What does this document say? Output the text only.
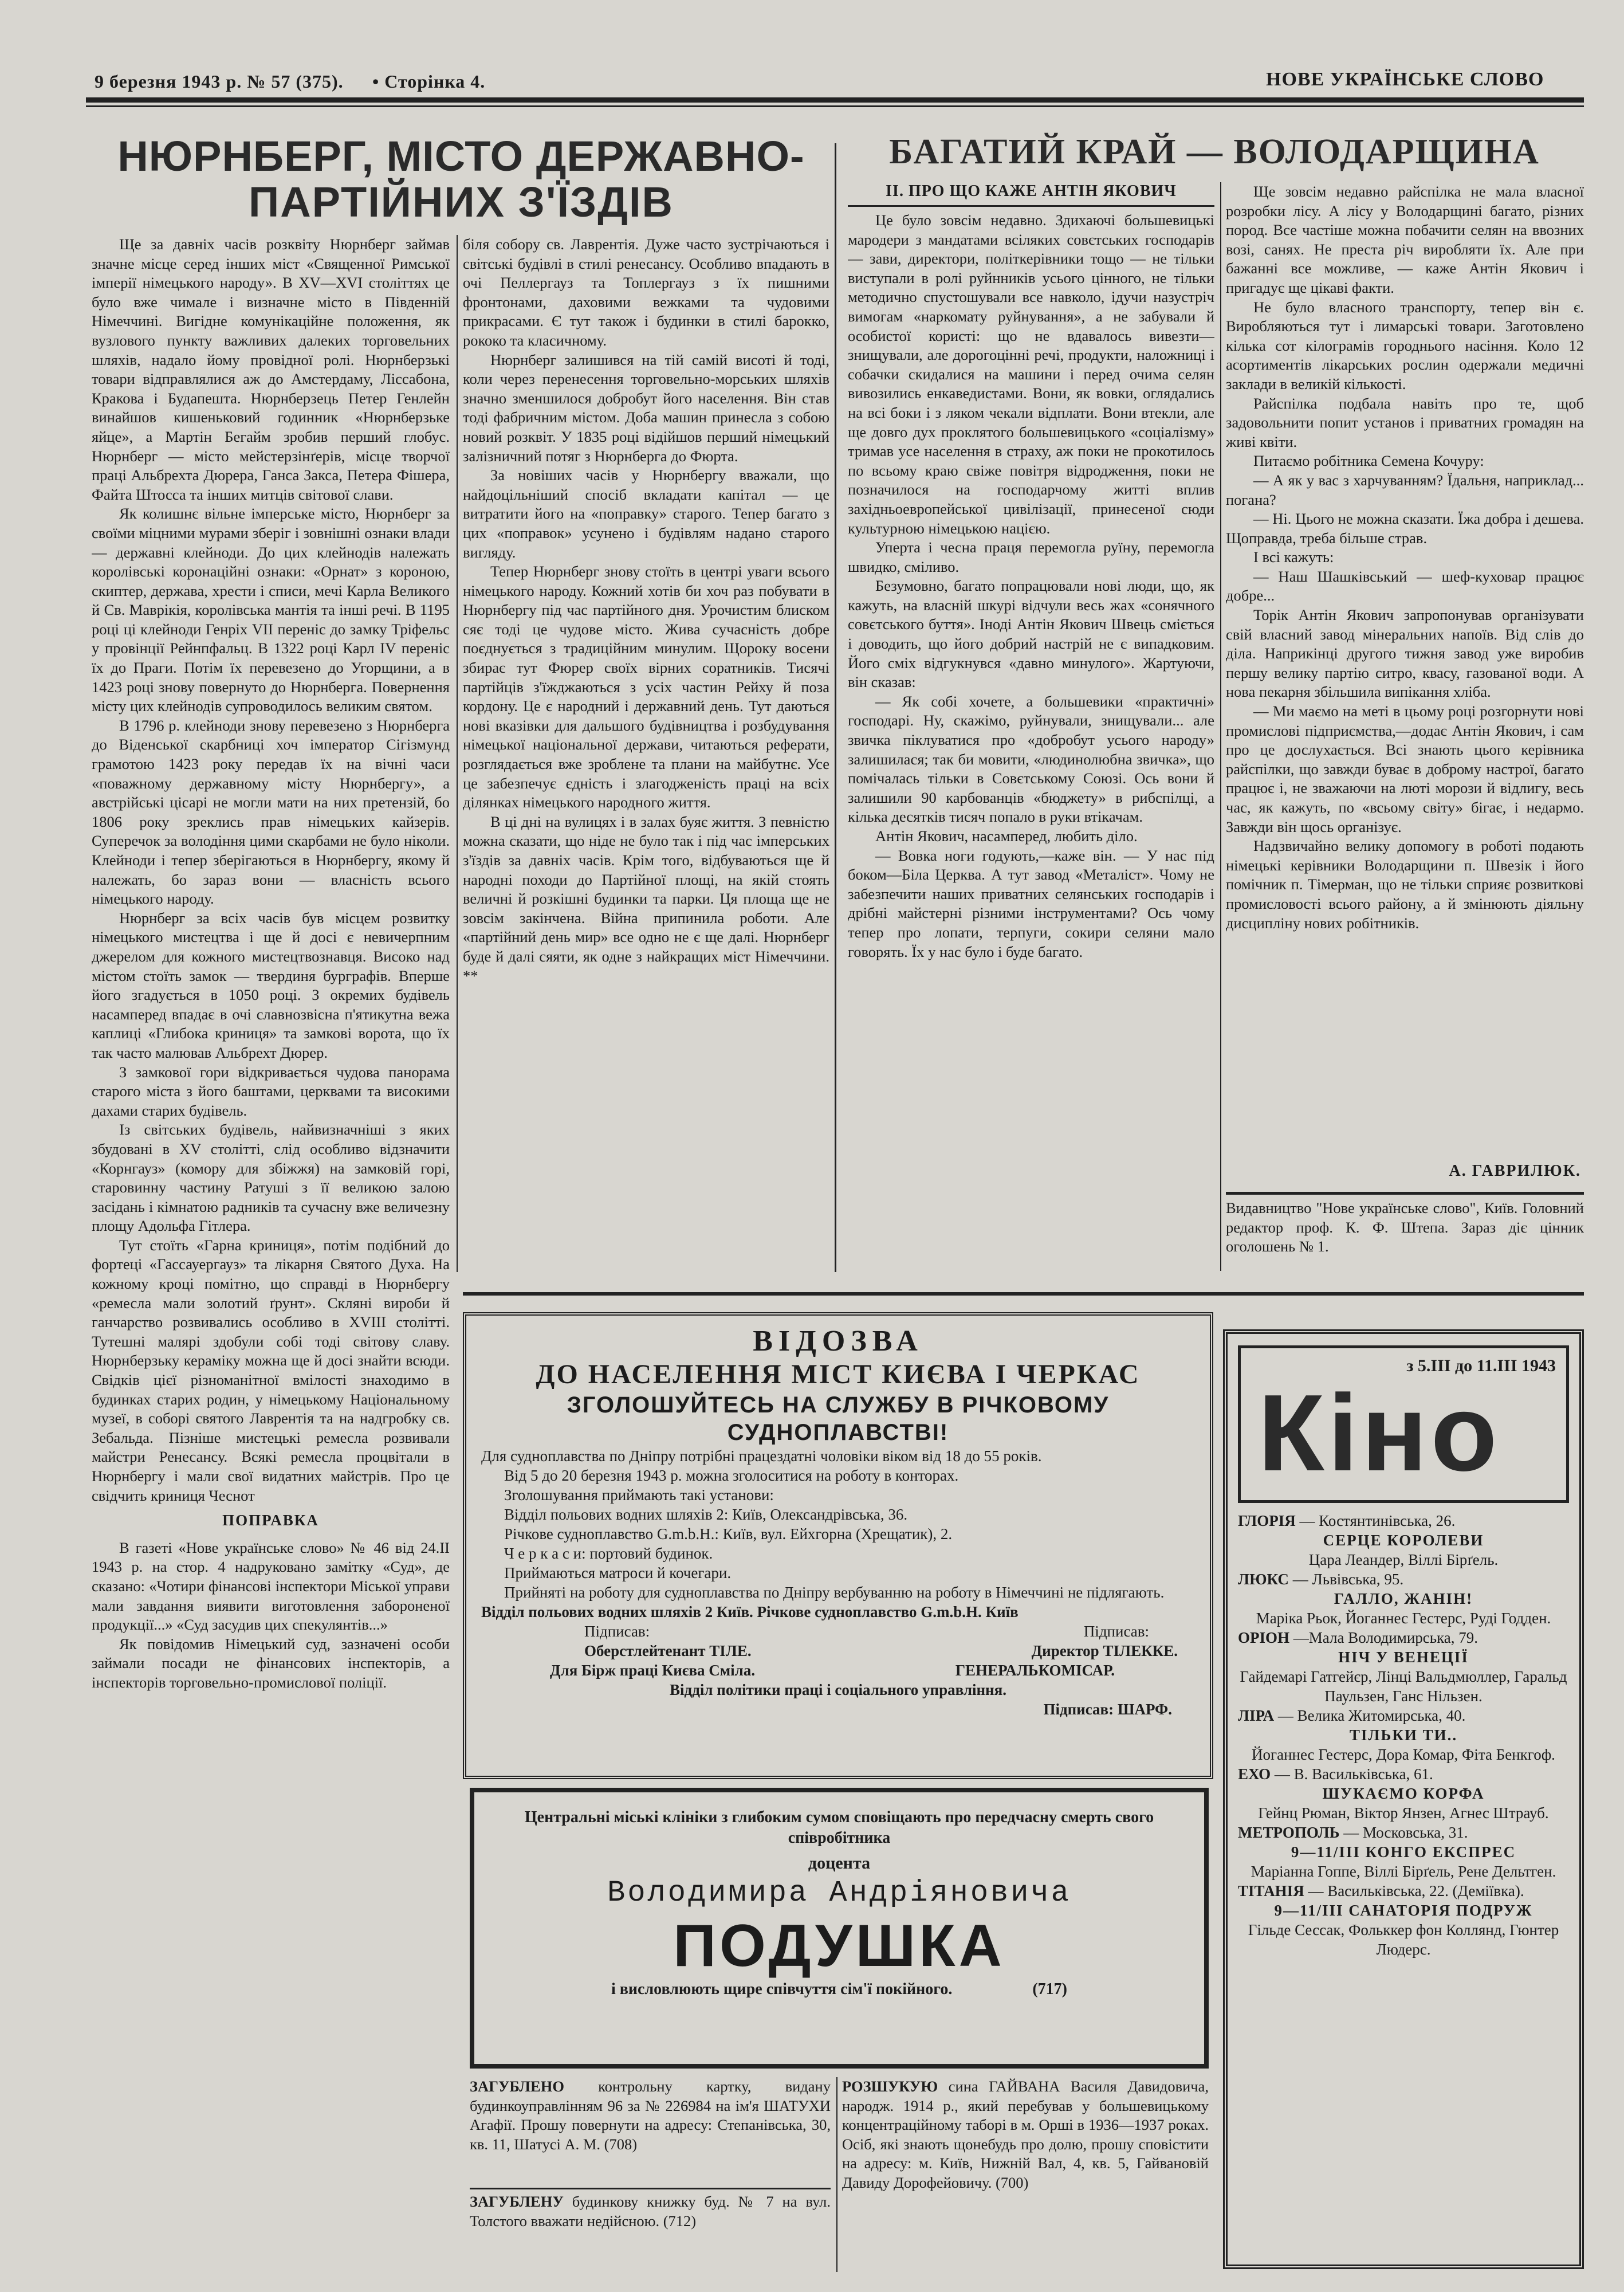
9 березня 1943 р. № 57 (375). • Сторінка 4.	НОВЕ УКРАЇНСЬКЕ СЛОВО
НЮРНБЕРГ, МІСТО ДЕРЖАВНО-
ПАРТІЙНИХ З'ЇЗДІВ

Ще за давніх часів розквіту Нюрнберг займав значне місце серед інших міст «Священної Римської імперії німецького народу». В XV—XVI століттях це було вже чимале і визначне місто в Південній Німеччині. Вигідне комунікаційне положення, як вузлового пункту важливих далеких торговельних шляхів, надало йому провідної ролі. Нюрнберзькі товари відправлялися аж до Амстердаму, Ліссабона, Кракова і Будапешта. Нюрнберзець Петер Генлейн винайшов кишеньковий годинник «Нюрнберзьке яйце», а Мартін Бегайм зробив перший глобус. Нюрнберг — місто мейстерзінґерів, місце творчої праці Альбрехта Дюрера, Ганса Закса, Петера Фішера, Файта Штосса та інших митців світової слави.

Як колишнє вільне імперське місто, Нюрнберг за своїми міцними мурами зберіг і зовнішні ознаки влади — державні клейноди. До цих клейнодів належать королівські коронаційні ознаки: «Орнат» з короною, скиптер, держава, хрести і списи, мечі Карла Великого й Св. Маврікія, королівська мантія та інші речі. В 1195 році ці клейноди Генріх VII переніс до замку Тріфельс у провінції Рейнпфальц. В 1322 році Карл IV переніс їх до Праги. Потім їх перевезено до Угорщини, а в 1423 році знову повернуто до Нюрнберга. Повернення місту цих клейнодів супроводилось великим святом.

В 1796 р. клейноди знову перевезено з Нюрнберга до Віденської скарбниці хоч імператор Сігізмунд грамотою 1423 року передав їх на вічні часи «поважному державному місту Нюрнбергу», а австрійські цісарі не могли мати на них претензій, бо 1806 року зреклись прав німецьких кайзерів. Суперечок за володіння цими скарбами не було ніколи. Клейноди і тепер зберігаються в Нюрнбергу, якому й належать, бо зараз вони — власність всього німецького народу.

Нюрнберг за всіх часів був місцем розвитку німецького мистецтва і ще й досі є невичерпним джерелом для кожного мистецтвознавця. Високо над містом стоїть замок — твердиня бурграфів. Вперше його згадується в 1050 році. З окремих будівель насамперед впадає в очі славнозвісна п'ятикутна вежа каплиці «Глибока криниця» та замкові ворота, що їх так часто малював Альбрехт Дюрер.

З замкової гори відкривається чудова панорама старого міста з його баштами, церквами та високими дахами старих будівель.

Із світських будівель, найвизначніші з яких збудовані в XV столітті, слід особливо відзначити «Корнгауз» (комору для збіжжя) на замковій горі, старовинну частину Ратуші з її великою залою засідань і кімнатою радників та сучасну вже величезну площу Адольфа Гітлера.

Тут стоїть «Гарна криниця», потім подібний до фортеці «Гассауергауз» та лікарня Святого Духа. На кожному кроці помітно, що справді в Нюрнбергу «ремесла мали золотий ґрунт». Скляні вироби й ганчарство розвивались особливо в XVIII столітті. Тутешні малярі здобули собі тоді світову славу. Нюрнберзьку кераміку можна ще й досі знайти всюди. Свідків цієї різноманітної вмілості знаходимо в будинках старих родин, у німецькому Національному музеї, в соборі святого Лаврентія та на надгробку св. Зебальда. Пізніше мистецькі ремесла розвивали майстри Ренесансу. Всякі ремесла процвітали в Нюрнбергу і мали свої видатних майстрів. Про це свідчить криниця Чеснот

ПОПРАВКА

В газеті «Нове українське слово» № 46 від 24.II 1943 р. на стор. 4 надруковано замітку «Суд», де сказано: «Чотири фінансові інспектори Міської управи мали завдання виявити виготовлення забороненої продукції...» «Суд засудив цих спекулянтів...»

Як повідомив Німецький суд, зазначені особи займали посади не фінансових інспекторів, а інспекторів торговельно-промислової поліції.

біля собору св. Лаврентія. Дуже часто зустрічаються і світські будівлі в стилі ренесансу. Особливо впадають в очі Пеллергауз та Топлергауз з їх пишними фронтонами, даховими вежками та чудовими прикрасами. Є тут також і будинки в стилі барокко, рококо та класичному.

Нюрнберг залишився на тій самій висоті й тоді, коли через перенесення торговельно-морських шляхів значно зменшилося добробут його населення. Він став тоді фабричним містом. Доба машин принесла з собою новий розквіт. У 1835 році відійшов перший німецький залізничний потяг з Нюрнберга до Фюрта.

За новіших часів у Нюрнбергу вважали, що найдоцільніший спосіб вкладати капітал — це витратити його на «поправку» старого. Тепер багато з цих «поправок» усунено і будівлям надано старого вигляду.

Тепер Нюрнберг знову стоїть в центрі уваги всього німецького народу. Кожний хотів би хоч раз побувати в Нюрнбергу під час партійного дня. Урочистим блиском сяє тоді це чудове місто. Жива сучасність добре поєднується з традиційним минулим. Щороку восени збирає тут Фюрер своїх вірних соратників. Тисячі партійців з'їжджаються з усіх частин Рейху й поза кордону. Це є народний і державний день. Тут даються нові вказівки для дальшого будівництва і розбудування німецької національної держави, читаються реферати, розглядається вже зроблене та плани на майбутнє. Усе це забезпечує єдність і злагодженість праці на всіх ділянках німецького народного життя.

В ці дні на вулицях і в залах буяє життя. З певністю можна сказати, що ніде не було так і під час імперських з'їздів за давніх часів. Крім того, відбуваються ще й народні походи до Партійної площі, на якій стоять величні й розкішні будинки та парки. Ця площа ще не зовсім закінчена. Війна припинила роботи. Але «партійний день мир» все одно не є ще далі. Нюрнберг буде й далі сяяти, як одне з найкращих міст Німеччини. **

БАГАТИЙ КРАЙ — ВОЛОДАРЩИНА
II. ПРО ЩО КАЖЕ АНТІН ЯКОВИЧ

Це було зовсім недавно. Здихаючі большевицькі мародери з мандатами всіляких совєтських господарів — зави, директори, політкерівники тощо — не тільки виступали в ролі руйнників усього цінного, не тільки методично спустошували все навколо, ідучи назустріч вимогам «наркомату руйнування», а не забували й особистої користі: що не вдавалось вивезти—знищували, але дорогоцінні речі, продукти, наложниці і собачки скидалися на машини і перед очима селян вивозились енкаведистами. Вони, як вовки, оглядались на всі боки і з ляком чекали відплати. Вони втекли, але ще довго дух проклятого большевицького «соціалізму» тримав усе населення в страху, аж поки не прокотилось по всьому краю свіже повітря відродження, поки не позначилося на господарчому житті вплив західньоевропейської цивілізації, принесеної сюди культурною німецькою нацією.

Уперта і чесна праця перемогла руїну, перемогла швидко, сміливо.

Безумовно, багато попрацювали нові люди, що, як кажуть, на власній шкурі відчули весь жах «сонячного совєтського буття». Іноді Антін Якович Швець сміється і доводить, що його добрий настрій не є випадковим. Його сміх відгукнувся «давно минулого». Жартуючи, він сказав:

— Як собі хочете, а большевики «практичні» господарі. Ну, скажімо, руйнували, знищували... але звичка піклуватися про «добробут усього народу» залишилася; так би мовити, «людинолюбна звичка», що помічалась тільки в Совєтському Союзі. Ось вони й залишили 90 карбованців «бюджету» в рибспілці, а кілька десятків тисяч попало в руки втікачам.

Антін Якович, насамперед, любить діло.

— Вовка ноги годують,—каже він. — У нас під боком—Біла Церква. А тут завод «Металіст». Чому не забезпечити наших приватних селянських господарів і дрібні майстерні різними інструментами? Ось чому тепер про лопати, терпуги, сокири селяни мало говорять. Їх у нас було і буде багато.

Ще зовсім недавно райспілка не мала власної розробки лісу. А лісу у Володарщині багато, різних пород. Все частіше можна побачити селян на ввозних возі, санях. Не преста річ виробляти їх. Але при бажанні все можливе, — каже Антін Якович і пригадує ще цікаві факти.

Не було власного транспорту, тепер він є. Виробляються тут і лимарські товари. Заготовлено кілька сот кілограмів городнього насіння. Коло 12 асортиментів лікарських рослин одержали медичні заклади в великій кількості.

Райспілка подбала навіть про те, щоб задовольнити попит установ і приватних громадян на живі квіти.

Питаємо робітника Семена Кочуру:

— А як у вас з харчуванням? Їдальня, наприклад... погана?

— Ні. Цього не можна сказати. Їжа добра і дешева. Щоправда, треба більше страв.

І всі кажуть:

— Наш Шашківський — шеф-куховар працює добре...

Торік Антін Якович запропонував організувати свій власний завод мінеральних напоїв. Від слів до діла. Наприкінці другого тижня завод уже виробив першу велику партію ситро, квасу, газованої води. А нова пекарня збільшила випікання хліба.

— Ми маємо на меті в цьому році розгорнути нові промислові підприємства,—додає Антін Якович, і сам про це дослухається. Всі знають цього керівника райспілки, що завжди буває в доброму настрої, багато працює і, не зважаючи на люті морози й відлигу, весь час, як кажуть, по «всьому світу» бігає, і недармо. Завжди він щось організує.

Надзвичайно велику допомогу в роботі подають німецькі керівники Володарщини п. Швезік і його помічник п. Тімерман, що не тільки сприяє розвиткові промисловості всього району, а й змінюють діяльну дисципліну нових робітників.

А. ГАВРИЛЮК.

Видавництво "Нове українське слово", Київ. Головний редактор проф. К. Ф. Штепа. Зараз діє цінник оголошень № 1.

ВІДОЗВА
ДО НАСЕЛЕННЯ МІСТ КИЄВА І ЧЕРКАС
ЗГОЛОШУЙТЕСЬ НА СЛУЖБУ В РІЧКОВОМУ
СУДНОПЛАВСТВІ!
Для судноплавства по Дніпру потрібні працездатні чоловіки віком від 18 до 55 років.
Від 5 до 20 березня 1943 р. можна зголоситися на роботу в конторах.
Зголошування приймають такі установи:
Відділ польових водних шляхів 2: Київ, Олександрівська, 36.
Річкове судноплавство G.m.b.H.: Київ, вул. Ейхгорна (Хрещатик), 2.
Ч е р к а с и: портовий будинок.
Приймаються матроси й кочегари.
Прийняті на роботу для судноплавства по Дніпру вербуванню на роботу в Німеччині не підлягають.
Відділ польових водних шляхів 2 Київ. Річкове судноплавство G.m.b.H. Київ
Підписав:	Підписав:
Оберстлейтенант ТІЛЕ.	Директор ТІЛЕККЕ.
Для Бірж праці Києва Сміла.	ГЕНЕРАЛЬКОМІСАР.
Відділ політики праці і соціального управління.
Підписав: ШАРФ.
Центральні міські клініки з глибоким сумом сповіщають про передчасну смерть свого співробітника
доцента
Володимира Андріяновича
ПОДУШКА
і висловлюють щире співчуття сім'ї покійного.	(717)

ЗАГУБЛЕНО контрольну картку, видану будинкоуправлінням 96 за № 226984 на ім'я ШАТУХИ Агафії. Прошу повернути на адресу: Степанівська, 30, кв. 11, Шатусі А. М. (708)

ЗАГУБЛЕНУ будинкову книжку буд. № 7 на вул. Толстого вважати недійсною. (712)

РОЗШУКУЮ сина ГАЙВАНА Василя Давидовича, народж. 1914 р., який перебував у большевицькому концентраційному таборі в м. Орші в 1936—1937 роках. Осіб, які знають щонебудь про долю, прошу сповістити на адресу: м. Київ, Нижній Вал, 4, кв. 5, Гайвановій Давиду Дорофейовичу. (700)

з 5.III до 11.III 1943
Кіно
ГЛОРІЯ — Костянтинівська, 26.
СЕРЦЕ КОРОЛЕВИ
Цара Леандер, Віллі Бірґель.
ЛЮКС — Львівська, 95.
ГАЛЛО, ЖАНІН!
Маріка Рьок, Йоганнес Гестерс, Руді Годден.
ОРІОН —Мала Володимирська, 79.
НІЧ У ВЕНЕЦІЇ
Гайдемарі Гатгейєр, Лінці Вальдмюллер, Гаральд Паульзен, Ганс Нільзен.
ЛІРА — Велика Житомирська, 40.
ТІЛЬКИ ТИ..
Йоганнес Гестерс, Дора Комар, Фіта Бенкгоф.
ЕХО — В. Васильківська, 61.
ШУКАЄМО КОРФА
Гейнц Рюман, Віктор Янзен, Агнес Штрауб.
МЕТРОПОЛЬ — Московська, 31.
9—11/III КОНГО ЕКСПРЕС
Маріанна Гоппе, Віллі Бірґель, Рене Дельтген.
ТІТАНІЯ — Васильківська, 22. (Деміївка).
9—11/III САНАТОРІЯ ПОДРУЖ
Гільде Сессак, Фольккер фон Коллянд, Гюнтер Людерс.
